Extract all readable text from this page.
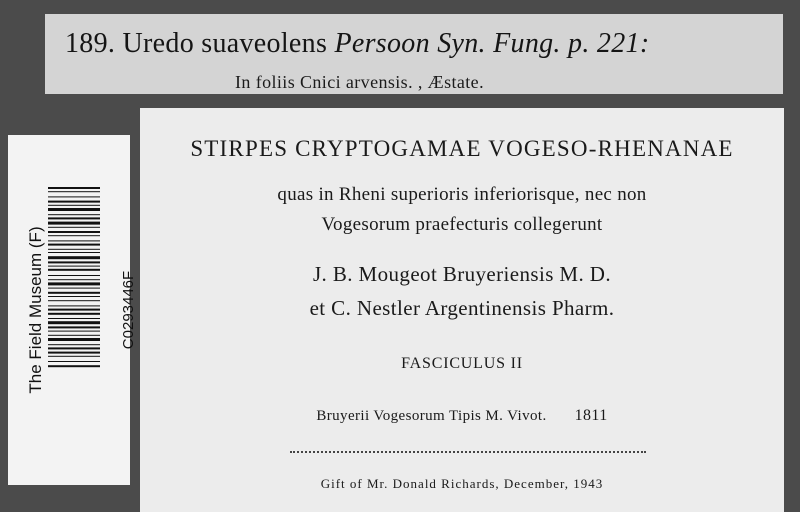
189. Uredo suaveolens Persoon Syn. Fung. p. 221:
In foliis Cnici arvensis. , Æstate.
STIRPES CRYPTOGAMAE VOGESO-RHENANAE
quas in Rheni superioris inferiorisque, nec non
Vogesorum praefecturis collegerunt
J. B. Mougeot Bruyeriensis M. D.
et C. Nestler Argentinensis Pharm.
FASCICULUS II
Bruyerii Vogesorum Tipis M. Vivot. 1811
Gift of Mr. Donald Richards, December, 1943
The Field Museum (F)	C0293446F
